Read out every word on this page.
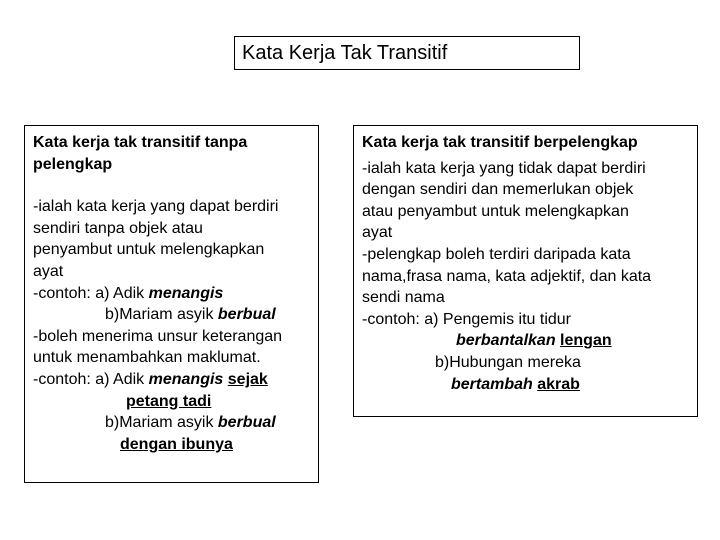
Kata Kerja Tak Transitif

Kata kerja tak transitif tanpa

pelengkap

-ialah kata kerja yang dapat berdiri

sendiri tanpa objek atau

penyambut untuk melengkapkan

ayat

-contoh: a) Adik menangis

b)Mariam asyik berbual

-boleh menerima unsur keterangan

untuk menambahkan maklumat.

-contoh: a) Adik menangis sejak

petang tadi

b)Mariam asyik berbual

dengan ibunya

Kata kerja tak transitif berpelengkap

-ialah kata kerja yang tidak dapat berdiri

dengan sendiri dan memerlukan objek

atau penyambut untuk melengkapkan

ayat

-pelengkap boleh terdiri daripada kata

nama,frasa nama, kata adjektif, dan kata

sendi nama

-contoh: a) Pengemis itu tidur

berbantalkan lengan

b)Hubungan mereka

bertambah akrab
